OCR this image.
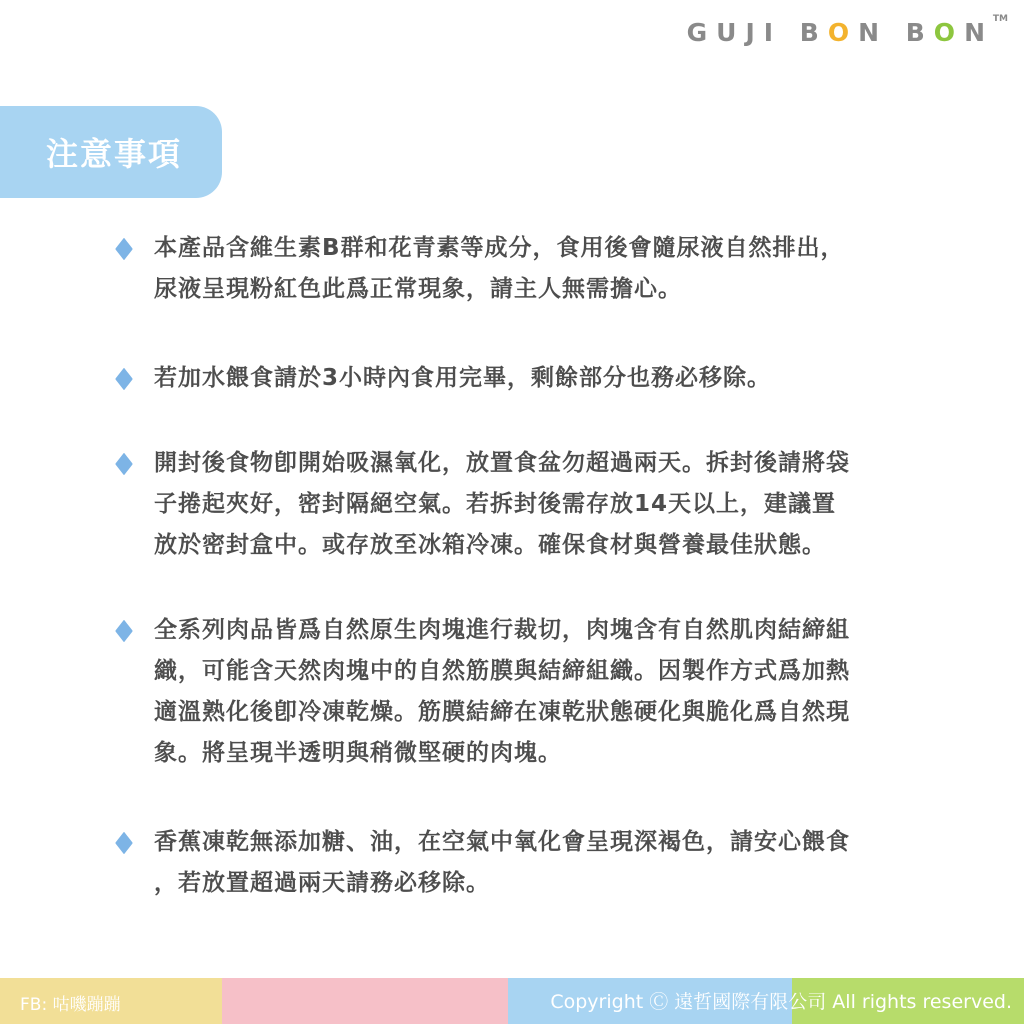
GUJI BON BON
TM
注意事項
本產品含維生素B群和花青素等成分，食用後會隨尿液自然排出，
尿液呈現粉紅色此爲正常現象，請主人無需擔心。
若加水餵食請於3小時內食用完畢，剩餘部分也務必移除。
開封後食物卽開始吸濕氧化，放置食盆勿超過兩天。拆封後請將袋
子捲起夾好，密封隔絕空氣。若拆封後需存放14天以上，建議置
放於密封盒中。或存放至冰箱冷凍。確保食材與營養最佳狀態。
全系列肉品皆爲自然原生肉塊進行裁切，肉塊含有自然肌肉結締組
織，可能含天然肉塊中的自然筋膜與結締組織。因製作方式爲加熱
適溫熟化後卽冷凍乾燥。筋膜結締在凍乾狀態硬化與脆化爲自然現
象。將呈現半透明與稍微堅硬的肉塊。
香蕉凍乾無添加糖、油，在空氣中氧化會呈現深褐色，請安心餵食
，若放置超過兩天請務必移除。
FB: 咕嘰蹦蹦	Copyright Ⓒ 遠哲國際有限公司 All rights reserved.
